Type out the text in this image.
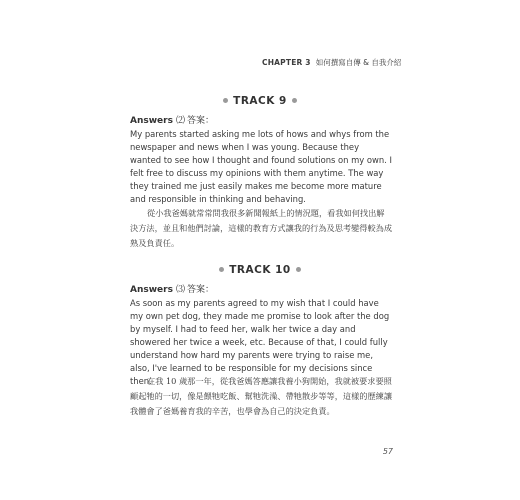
CHAPTER 3 如何撰寫自傳 & 自我介紹
TRACK 9
Answers ⑵ 答案：

My parents started asking me lots of hows and whys from the newspaper and news when I was young. Because they wanted to see how I thought and found solutions on my own. I felt free to discuss my opinions with them anytime. The way they trained me just easily makes me become more mature and responsible in thinking and behaving.

從小我爸媽就常常問我很多新聞報紙上的情況題，看我如何找出解決方法，並且和他們討論，這樣的教育方式讓我的行為及思考變得較為成熟及負責任。

TRACK 10
Answers ⑶ 答案：

As soon as my parents agreed to my wish that I could have my own pet dog, they made me promise to look after the dog by myself. I had to feed her, walk her twice a day and showered her twice a week, etc. Because of that, I could fully understand how hard my parents were trying to raise me, also, I've learned to be responsible for my decisions since then.

在我 10 歲那一年，從我爸媽答應讓我養小狗開始，我就被要求要照顧起牠的一切，像是餵牠吃飯、幫牠洗澡、帶牠散步等等，這樣的歷練讓我體會了爸媽養育我的辛苦，也學會為自己的決定負責。

57
